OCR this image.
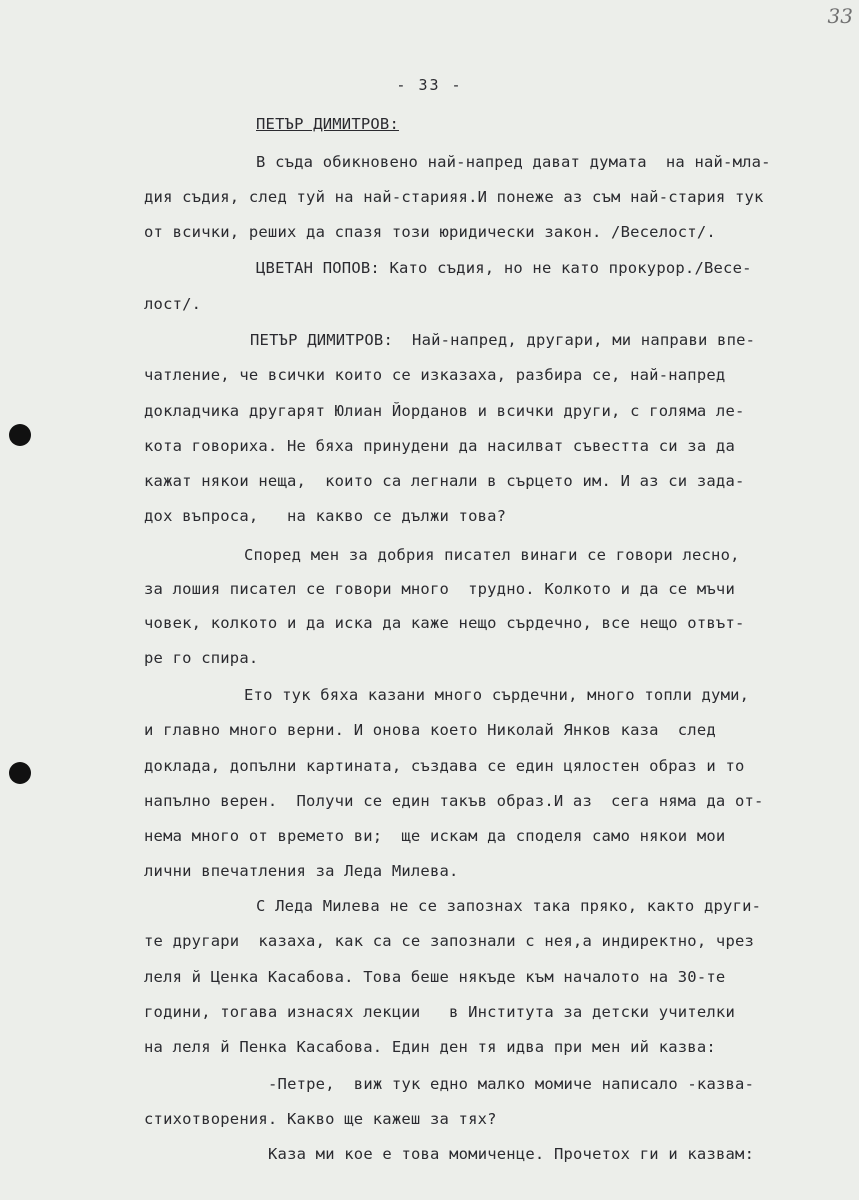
33
- 33 -
ПЕТЪР ДИМИТРОВ:
В съда обикновено най-напред дават думата  на най-мла-
дия съдия, след туй на най-старияя.И понеже аз съм най-стария тук
от всички, реших да спазя този юридически закон. /Веселост/.
ЦВЕТАН ПОПОВ: Като съдия, но не като прокурор./Весе-
лост/.
ПЕТЪР ДИМИТРОВ:  Най-напред, другари, ми направи впе-
чатление, че всички които се изказаха, разбира се, най-напред
докладчика другарят Юлиан Йорданов и всички други, с голяма ле-
кота говориха. Не бяха принудени да насилват съвестта си за да
кажат някои неща,  които са легнали в сърцето им. И аз си зада-
дох въпроса,   на какво се дължи това?
Според мен за добрия писател винаги се говори лесно,
за лошия писател се говори много  трудно. Колкото и да се мъчи
човек, колкото и да иска да каже нещо сърдечно, все нещо отвът-
ре го спира.
Ето тук бяха казани много сърдечни, много топли думи,
и главно много верни. И онова което Николай Янков каза  след
доклада, допълни картината, създава се един цялостен образ и то
напълно верен.  Получи се един такъв образ.И аз  сега няма да от-
нема много от времето ви;  ще искам да споделя само някои мои
лични впечатления за Леда Милева.
С Леда Милева не се запознах така пряко, както други-
те другари  казаха, как са се запознали с нея,а индиректно, чрез
леля й Ценка Касабова. Това беше някъде към началото на 30-те
години, тогава изнасях лекции   в Института за детски учителки
на леля й Пенка Касабова. Един ден тя идва при мен ий казва:
-Петре,  виж тук едно малко момиче написало -казва-
стихотворения. Какво ще кажеш за тях?
Каза ми кое е това момиченце. Прочетох ги и казвам:
